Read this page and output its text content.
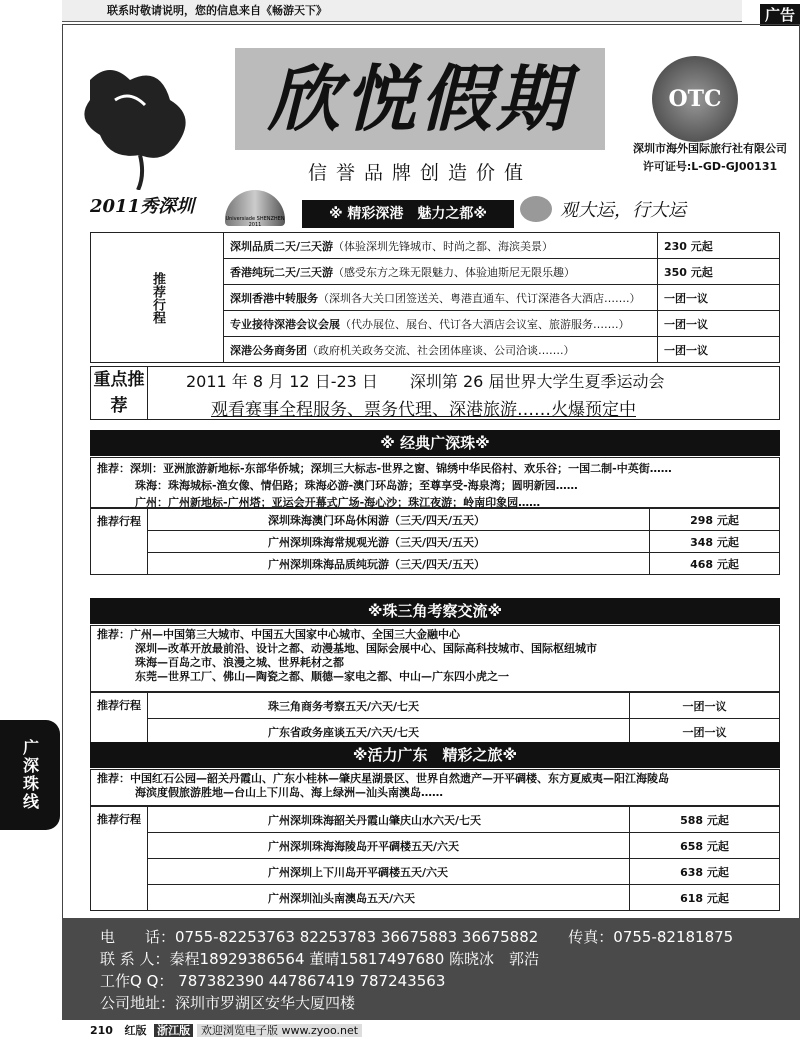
联系时敬请说明，您的信息来自《畅游天下》	广告
欣悦假期
信誉品牌创造价值
OTC
深圳市海外国际旅行社有限公司
许可证号:L-GD-GJ00131
2011秀深圳
Universiade SHENZHEN 2011
※ 精彩深港　魅力之都※	观大运，行大运
推荐行程	深圳品质二天/三天游（体验深圳先锋城市、时尚之都、海滨美景）	230 元起
	香港纯玩二天/三天游（感受东方之珠无限魅力、体验迪斯尼无限乐趣）	350 元起
	深圳香港中转服务（深圳各大关口团签送关、粤港直通车、代订深港各大酒店…….）	一团一议
	专业接待深港会议会展（代办展位、展台、代订各大酒店会议室、旅游服务…….）	一团一议
	深港公务商务团（政府机关政务交流、社会团体座谈、公司洽谈…….）	一团一议
重点推荐
2011 年 8 月 12 日-23 日　　深圳第 26 届世界大学生夏季运动会
观看赛事全程服务、票务代理、深港旅游……火爆预定中
※ 经典广深珠※
推荐：深圳：亚洲旅游新地标-东部华侨城；深圳三大标志-世界之窗、锦绣中华民俗村、欢乐谷；一国二制-中英街……
珠海：珠海城标-渔女像、情侣路；珠海必游-澳门环岛游；至尊享受-海泉湾；圆明新园……
广州：广州新地标-广州塔；亚运会开幕式广场-海心沙；珠江夜游；岭南印象园……
推荐行程	深圳珠海澳门环岛休闲游（三天/四天/五天）	298 元起
	广州深圳珠海常规观光游（三天/四天/五天）	348 元起
	广州深圳珠海品质纯玩游（三天/四天/五天）	468 元起
※珠三角考察交流※
推荐：广州—中国第三大城市、中国五大国家中心城市、全国三大金融中心
深圳—改革开放最前沿、设计之都、动漫基地、国际会展中心、国际高科技城市、国际枢纽城市
珠海—百岛之市、浪漫之城、世界耗材之都
东莞—世界工厂、佛山—陶瓷之都、顺德—家电之都、中山—广东四小虎之一
推荐行程	珠三角商务考察五天/六天/七天	一团一议
	广东省政务座谈五天/六天/七天	一团一议
※活力广东　精彩之旅※
推荐：中国红石公园—韶关丹霞山、广东小桂林—肇庆星湖景区、世界自然遗产—开平碉楼、东方夏威夷—阳江海陵岛
海滨度假旅游胜地—台山上下川岛、海上绿洲—汕头南澳岛……
推荐行程	广州深圳珠海韶关丹霞山肇庆山水六天/七天	588 元起
	广州深圳珠海海陵岛开平碉楼五天/六天	658 元起
	广州深圳上下川岛开平碉楼五天/六天	638 元起
	广州深圳汕头南澳岛五天/六天	618 元起
电　　话：0755-82253763 82253783 36675883 36675882　　传真：0755-82181875
联 系 人：秦程18929386564 董晴15817497680 陈晓冰　郭浩
工作Q Q： 787382390 447867419 787243563
公司地址：深圳市罗湖区安华大厦四楼
210 红版 浙江版 欢迎浏览电子版 www.zyoo.net
广深珠线
